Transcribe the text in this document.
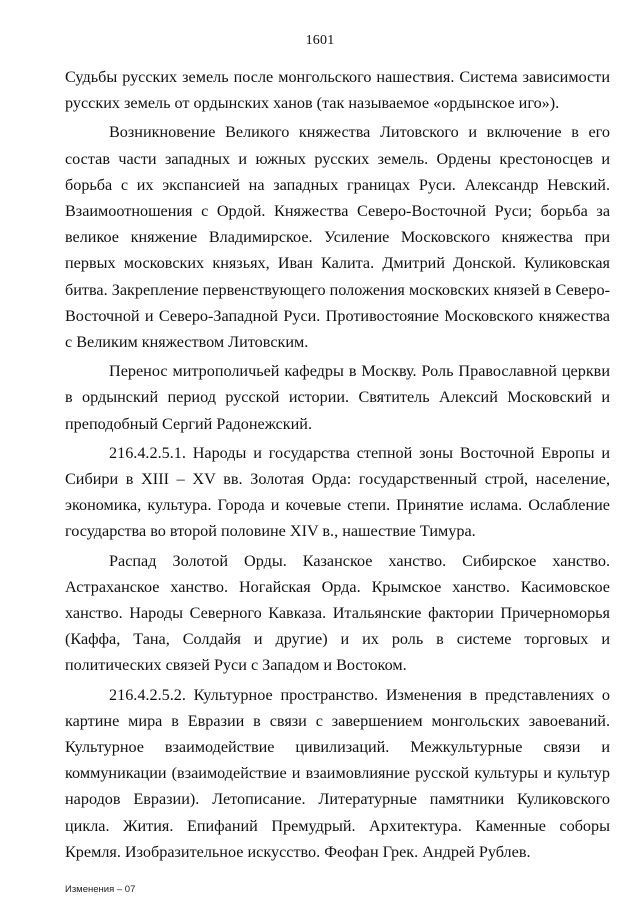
1601

Судьбы русских земель после монгольского нашествия. Система зависимости русских земель от ордынских ханов (так называемое «ордынское иго»).

Возникновение Великого княжества Литовского и включение в его состав части западных и южных русских земель. Ордены крестоносцев и борьба с их экспансией на западных границах Руси. Александр Невский. Взаимоотношения с Ордой. Княжества Северо-Восточной Руси; борьба за великое княжение Владимирское. Усиление Московского княжества при первых московских князьях, Иван Калита. Дмитрий Донской. Куликовская битва. Закрепление первенствующего положения московских князей в Северо-Восточной и Северо-Западной Руси. Противостояние Московского княжества с Великим княжеством Литовским.

Перенос митрополичьей кафедры в Москву. Роль Православной церкви в ордынский период русской истории. Святитель Алексий Московский и преподобный Сергий Радонежский.

216.4.2.5.1. Народы и государства степной зоны Восточной Европы и Сибири в XIII – XV вв. Золотая Орда: государственный строй, население, экономика, культура. Города и кочевые степи. Принятие ислама. Ослабление государства во второй половине XIV в., нашествие Тимура.

Распад Золотой Орды. Казанское ханство. Сибирское ханство. Астраханское ханство. Ногайская Орда. Крымское ханство. Касимовское ханство. Народы Северного Кавказа. Итальянские фактории Причерноморья (Каффа, Тана, Солдайя и другие) и их роль в системе торговых и политических связей Руси с Западом и Востоком.

216.4.2.5.2. Культурное пространство. Изменения в представлениях о картине мира в Евразии в связи с завершением монгольских завоеваний. Культурное взаимодействие цивилизаций. Межкультурные связи и коммуникации (взаимодействие и взаимовлияние русской культуры и культур народов Евразии). Летописание. Литературные памятники Куликовского цикла. Жития. Епифаний Премудрый. Архитектура. Каменные соборы Кремля. Изобразительное искусство. Феофан Грек. Андрей Рублев.

Изменения – 07
